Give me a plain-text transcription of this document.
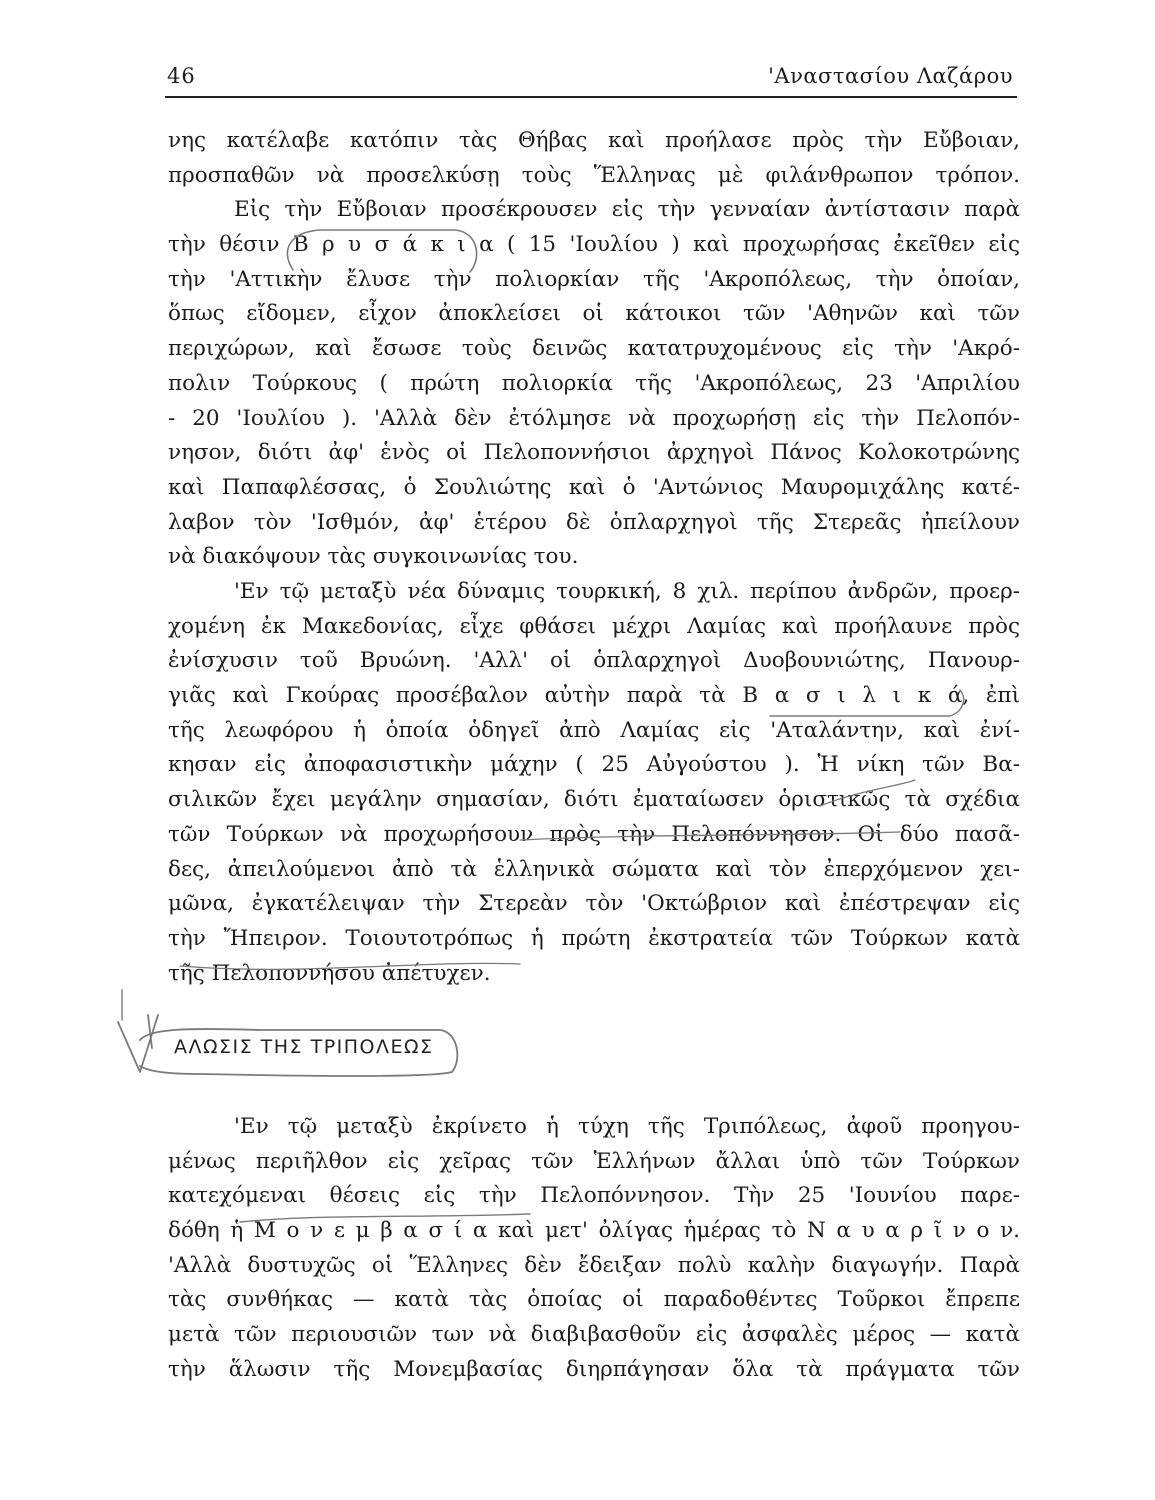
46	'Αναστασίου Λαζάρου
νης κατέλαβε κατόπιν τὰς Θήβας καὶ προήλασε πρὸς τὴν Εὔβοιαν,
προσπαθῶν νὰ προσελκύσῃ τοὺς Ἕλληνας μὲ φιλάνθρωπον τρόπον.
Εἰς τὴν Εὔβοιαν προσέκρουσεν εἰς τὴν γενναίαν ἀντίστασιν παρὰ
τὴν θέσιν Β ρ υ σ ά κ ι α ( 15 'Ιουλίου ) καὶ προχωρήσας ἐκεῖθεν εἰς
τὴν 'Αττικὴν ἔλυσε τὴν πολιορκίαν τῆς 'Ακροπόλεως, τὴν ὁποίαν,
ὅπως εἴδομεν, εἶχον ἀποκλείσει οἱ κάτοικοι τῶν 'Αθηνῶν καὶ τῶν
περιχώρων, καὶ ἔσωσε τοὺς δεινῶς κατατρυχομένους εἰς τὴν 'Ακρό-
πολιν Τούρκους ( πρώτη πολιορκία τῆς 'Ακροπόλεως, 23 'Απριλίου
- 20 'Ιουλίου ). 'Αλλὰ δὲν ἐτόλμησε νὰ προχωρήσῃ εἰς τὴν Πελοπόν-
νησον, διότι ἀφ' ἑνὸς οἱ Πελοποννήσιοι ἀρχηγοὶ Πάνος Κολοκοτρώνης
καὶ Παπαφλέσσας, ὁ Σουλιώτης καὶ ὁ 'Αντώνιος Μαυρομιχάλης κατέ-
λαβον τὸν 'Ισθμόν, ἀφ' ἑτέρου δὲ ὁπλαρχηγοὶ τῆς Στερεᾶς ἠπείλουν
νὰ διακόψουν τὰς συγκοινωνίας του.
'Εν τῷ μεταξὺ νέα δύναμις τουρκική, 8 χιλ. περίπου ἀνδρῶν, προερ-
χομένη ἐκ Μακεδονίας, εἶχε φθάσει μέχρι Λαμίας καὶ προήλαυνε πρὸς
ἐνίσχυσιν τοῦ Βρυώνη. 'Αλλ' οἱ ὁπλαρχηγοὶ Δυοβουνιώτης, Πανουρ-
γιᾶς καὶ Γκούρας προσέβαλον αὐτὴν παρὰ τὰ Β α σ ι λ ι κ ά, ἐπὶ
τῆς λεωφόρου ἡ ὁποία ὁδηγεῖ ἀπὸ Λαμίας εἰς 'Αταλάντην, καὶ ἐνί-
κησαν εἰς ἀποφασιστικὴν μάχην ( 25 Αὐγούστου ). Ἡ νίκη τῶν Βα-
σιλικῶν ἔχει μεγάλην σημασίαν, διότι ἐματαίωσεν ὁριστικῶς τὰ σχέδια
τῶν Τούρκων νὰ προχωρήσουν πρὸς τὴν Πελοπόννησον. Οἱ δύο πασᾶ-
δες, ἀπειλούμενοι ἀπὸ τὰ ἑλληνικὰ σώματα καὶ τὸν ἐπερχόμενον χει-
μῶνα, ἐγκατέλειψαν τὴν Στερεὰν τὸν 'Οκτώβριον καὶ ἐπέστρεψαν εἰς
τὴν Ἤπειρον. Τοιουτοτρόπως ἡ πρώτη ἐκστρατεία τῶν Τούρκων κατὰ
τῆς Πελοποννήσου ἀπέτυχεν.
ΑΛΩΣΙΣ ΤΗΣ ΤΡΙΠΟΛΕΩΣ
'Εν τῷ μεταξὺ ἐκρίνετο ἡ τύχη τῆς Τριπόλεως, ἀφοῦ προηγου-
μένως περιῆλθον εἰς χεῖρας τῶν Ἑλλήνων ἄλλαι ὑπὸ τῶν Τούρκων
κατεχόμεναι θέσεις εἰς τὴν Πελοπόννησον. Τὴν 25 'Ιουνίου παρε-
δόθη ἡ Μ ο ν ε μ β α σ ί α καὶ μετ' ὀλίγας ἡμέρας τὸ Ν α υ α ρ ῖ ν ο ν.
'Αλλὰ δυστυχῶς οἱ Ἕλληνες δὲν ἔδειξαν πολὺ καλὴν διαγωγήν. Παρὰ
τὰς συνθήκας — κατὰ τὰς ὁποίας οἱ παραδοθέντες Τοῦρκοι ἔπρεπε
μετὰ τῶν περιουσιῶν των νὰ διαβιβασθοῦν εἰς ἀσφαλὲς μέρος — κατὰ
τὴν ἅλωσιν τῆς Μονεμβασίας διηρπάγησαν ὅλα τὰ πράγματα τῶν
